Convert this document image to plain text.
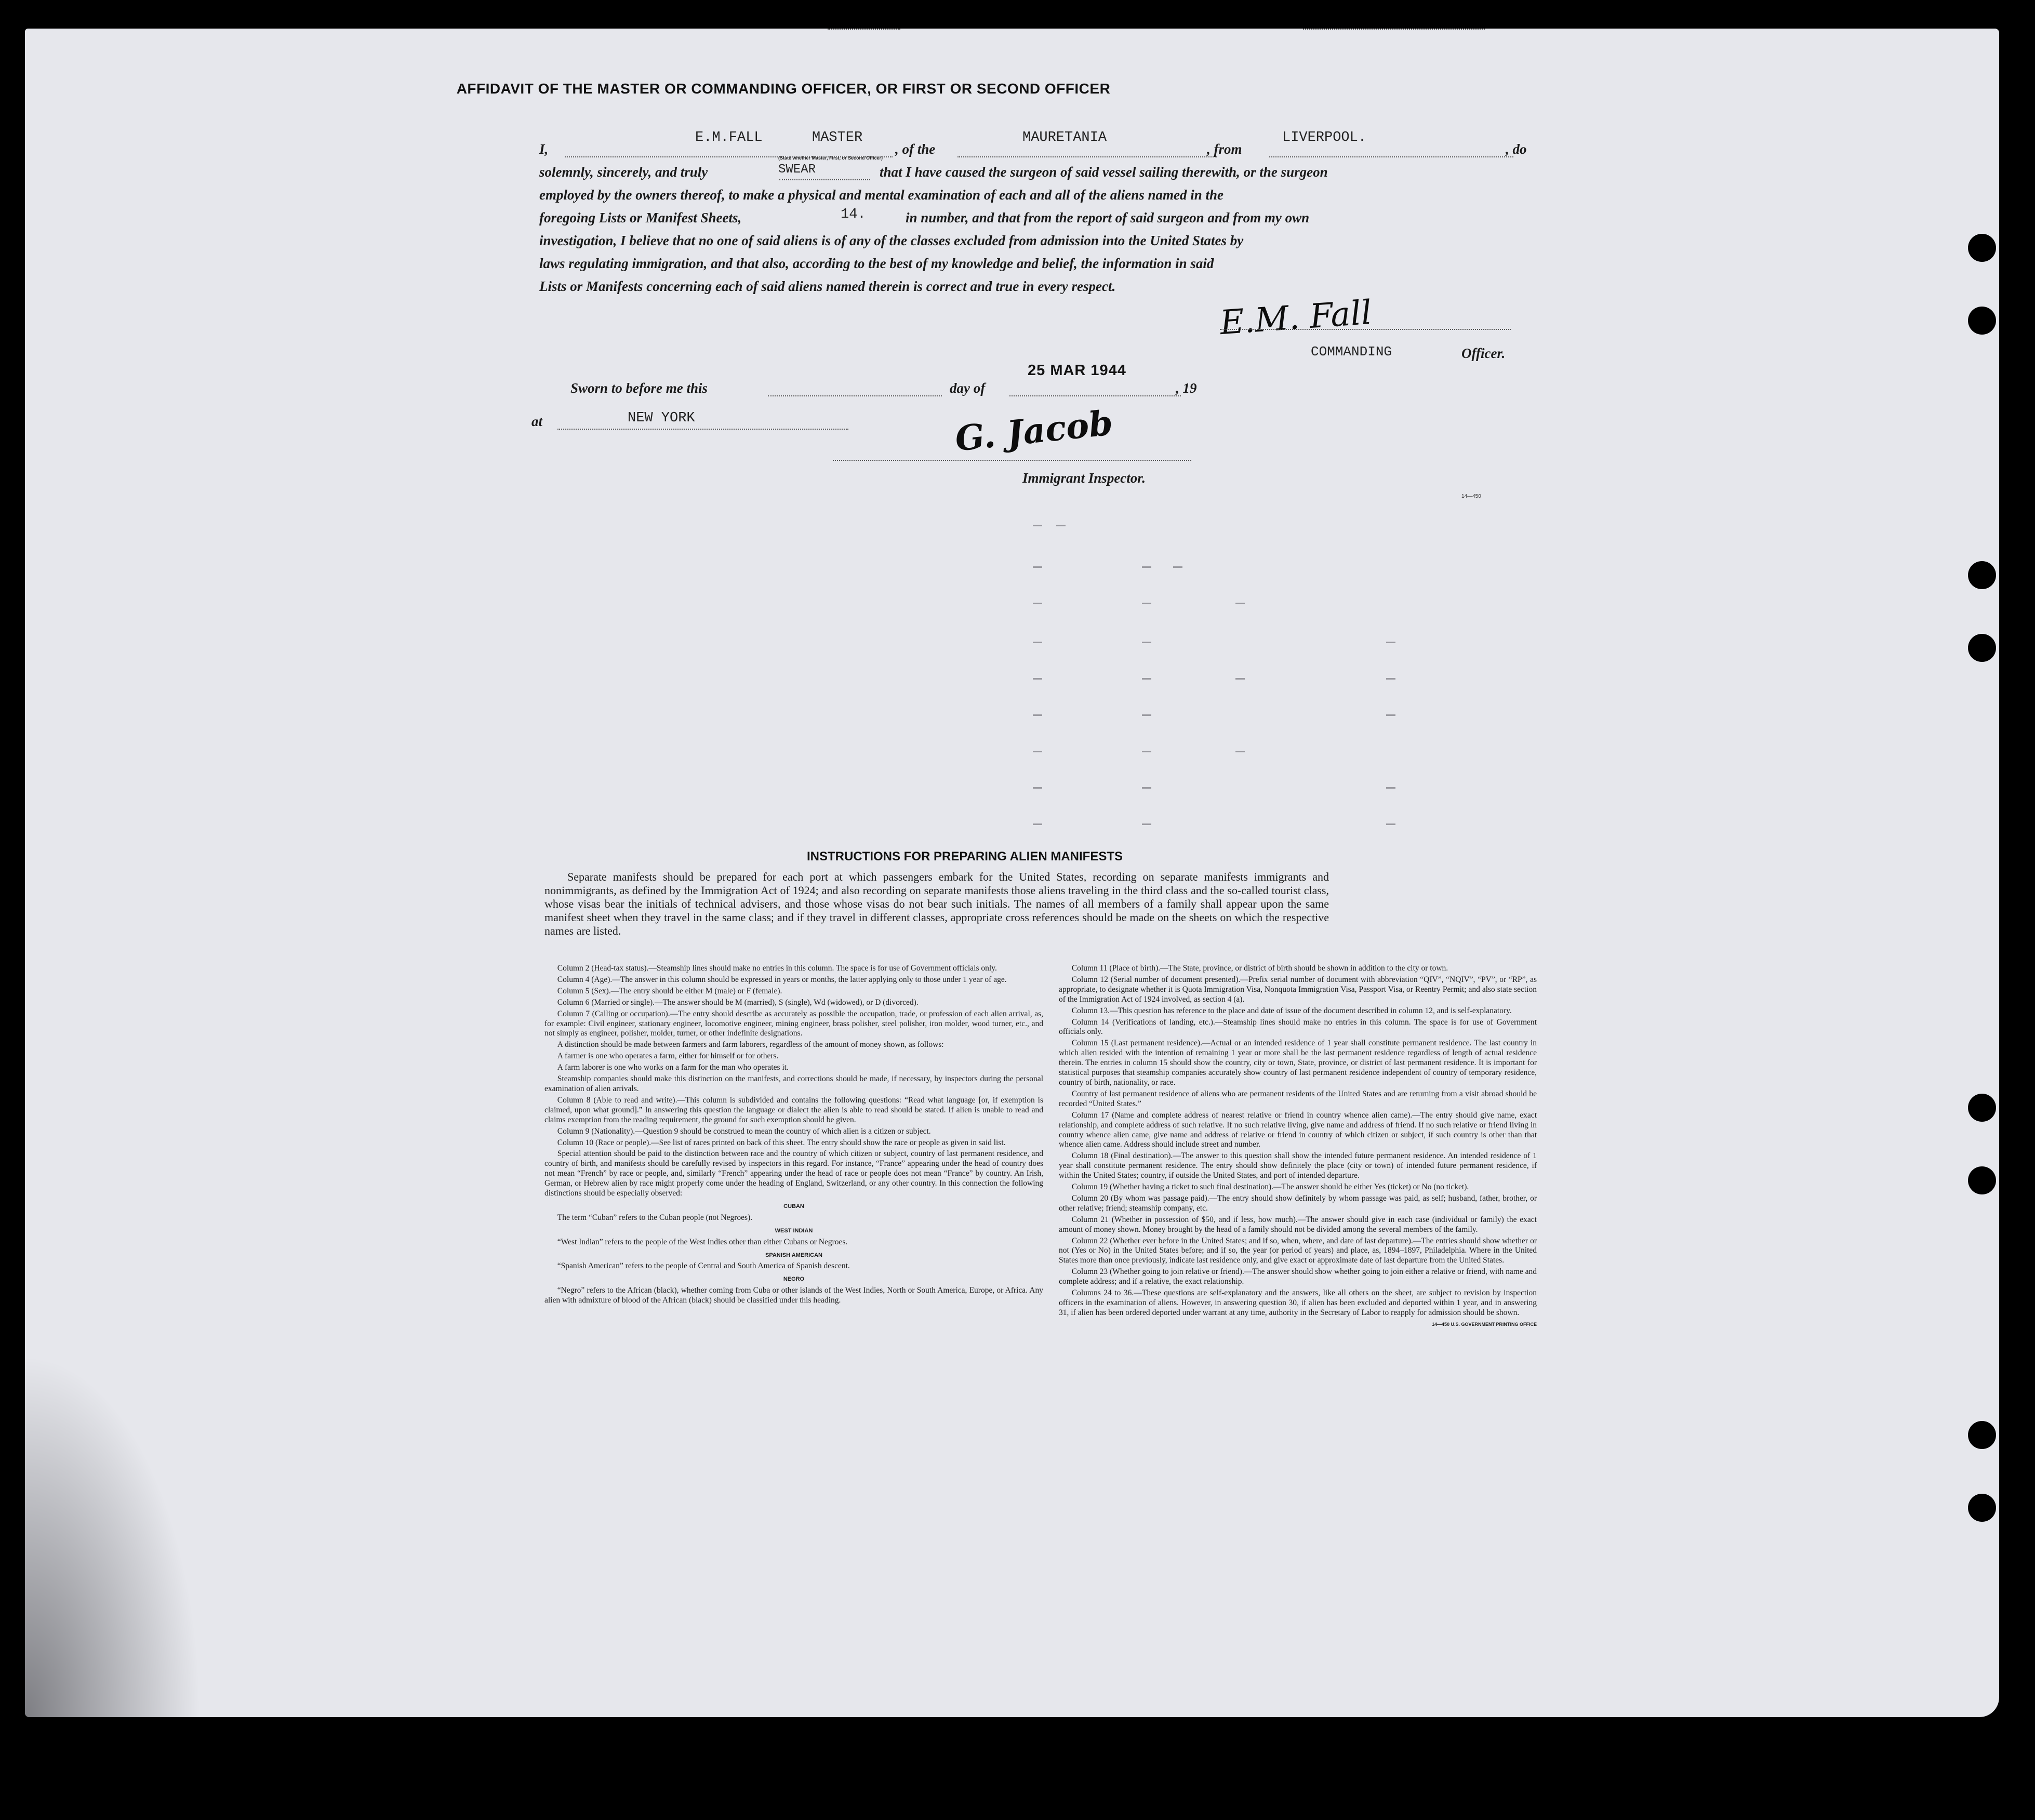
AFFIDAVIT OF THE MASTER OR COMMANDING OFFICER, OR FIRST OR SECOND OFFICER
I,
E.M.FALL	MASTER
(State whether Master, First, or Second Officer)
, of the
MAURETANIA
, from
LIVERPOOL.
, do
solemnly, sincerely, and truly	SWEAR	that I have caused the surgeon of said vessel sailing therewith, or the surgeon
employed by the owners thereof, to make a physical and mental examination of each and all of the aliens named in the
foregoing Lists or Manifest Sheets,	14.	in number, and that from the report of said surgeon and from my own
investigation, I believe that no one of said aliens is of any of the classes excluded from admission into the United States by
laws regulating immigration, and that also, according to the best of my knowledge and belief, the information in said
Lists or Manifests concerning each of said aliens named therein is correct and true in every respect.
E.M. Fall
COMMANDING	Officer.
Sworn to before me this	day of
25 MAR 1944
, 19
at	NEW YORK	G. Jacob
Immigrant Inspector.
14—450
INSTRUCTIONS FOR PREPARING ALIEN MANIFESTS
Separate manifests should be prepared for each port at which passengers embark for the United States, recording on separate manifests immigrants and nonimmigrants, as defined by the Immigration Act of 1924; and also recording on separate manifests those aliens traveling in the third class and the so-called tourist class, whose visas bear the initials of technical advisers, and those whose visas do not bear such initials. The names of all members of a family shall appear upon the same manifest sheet when they travel in the same class; and if they travel in different classes, appropriate cross references should be made on the sheets on which the respective names are listed.

Column 2 (Head-tax status).—Steamship lines should make no entries in this column. The space is for use of Government officials only.

Column 4 (Age).—The answer in this column should be expressed in years or months, the latter applying only to those under 1 year of age.

Column 5 (Sex).—The entry should be either M (male) or F (female).

Column 6 (Married or single).—The answer should be M (married), S (single), Wd (widowed), or D (divorced).

Column 7 (Calling or occupation).—The entry should describe as accurately as possible the occupation, trade, or profession of each alien arrival, as, for example: Civil engineer, stationary engineer, locomotive engineer, mining engineer, brass polisher, steel polisher, iron molder, wood turner, etc., and not simply as engineer, polisher, molder, turner, or other indefinite designations.

A distinction should be made between farmers and farm laborers, regardless of the amount of money shown, as follows:

A farmer is one who operates a farm, either for himself or for others.

A farm laborer is one who works on a farm for the man who operates it.

Steamship companies should make this distinction on the manifests, and corrections should be made, if necessary, by inspectors during the personal examination of alien arrivals.

Column 8 (Able to read and write).—This column is subdivided and contains the following questions: “Read what language [or, if exemption is claimed, upon what ground].” In answering this question the language or dialect the alien is able to read should be stated. If alien is unable to read and claims exemption from the reading requirement, the ground for such exemption should be given.

Column 9 (Nationality).—Question 9 should be construed to mean the country of which alien is a citizen or subject.

Column 10 (Race or people).—See list of races printed on back of this sheet. The entry should show the race or people as given in said list.

Special attention should be paid to the distinction between race and the country of which citizen or subject, country of last permanent residence, and country of birth, and manifests should be carefully revised by inspectors in this regard. For instance, “France” appearing under the head of country does not mean “French” by race or people, and, similarly “French” appearing under the head of race or people does not mean “France” by country. An Irish, German, or Hebrew alien by race might properly come under the heading of England, Switzerland, or any other country. In this connection the following distinctions should be especially observed:

CUBAN

The term “Cuban” refers to the Cuban people (not Negroes).

WEST INDIAN

“West Indian” refers to the people of the West Indies other than either Cubans or Negroes.

SPANISH AMERICAN

“Spanish American” refers to the people of Central and South America of Spanish descent.

NEGRO

“Negro” refers to the African (black), whether coming from Cuba or other islands of the West Indies, North or South America, Europe, or Africa. Any alien with admixture of blood of the African (black) should be classified under this heading.

Column 11 (Place of birth).—The State, province, or district of birth should be shown in addition to the city or town.

Column 12 (Serial number of document presented).—Prefix serial number of document with abbreviation “QIV”, “NQIV”, “PV”, or “RP”, as appropriate, to designate whether it is Quota Immigration Visa, Nonquota Immigration Visa, Passport Visa, or Reentry Permit; and also state section of the Immigration Act of 1924 involved, as section 4 (a).

Column 13.—This question has reference to the place and date of issue of the document described in column 12, and is self-explanatory.

Column 14 (Verifications of landing, etc.).—Steamship lines should make no entries in this column. The space is for use of Government officials only.

Column 15 (Last permanent residence).—Actual or an intended residence of 1 year shall constitute permanent residence. The last country in which alien resided with the intention of remaining 1 year or more shall be the last permanent residence regardless of length of actual residence therein. The entries in column 15 should show the country, city or town, State, province, or district of last permanent residence. It is important for statistical purposes that steamship companies accurately show country of last permanent residence independent of country of temporary residence, country of birth, nationality, or race.

Country of last permanent residence of aliens who are permanent residents of the United States and are returning from a visit abroad should be recorded “United States.”

Column 17 (Name and complete address of nearest relative or friend in country whence alien came).—The entry should give name, exact relationship, and complete address of such relative. If no such relative living, give name and address of friend. If no such relative or friend living in country whence alien came, give name and address of relative or friend in country of which citizen or subject, if such country is other than that whence alien came. Address should include street and number.

Column 18 (Final destination).—The answer to this question shall show the intended future permanent residence. An intended residence of 1 year shall constitute permanent residence. The entry should show definitely the place (city or town) of intended future permanent residence, if within the United States; country, if outside the United States, and port of intended departure.

Column 19 (Whether having a ticket to such final destination).—The answer should be either Yes (ticket) or No (no ticket).

Column 20 (By whom was passage paid).—The entry should show definitely by whom passage was paid, as self; husband, father, brother, or other relative; friend; steamship company, etc.

Column 21 (Whether in possession of $50, and if less, how much).—The answer should give in each case (individual or family) the exact amount of money shown. Money brought by the head of a family should not be divided among the several members of the family.

Column 22 (Whether ever before in the United States; and if so, when, where, and date of last departure).—The entries should show whether or not (Yes or No) in the United States before; and if so, the year (or period of years) and place, as, 1894–1897, Philadelphia. Where in the United States more than once previously, indicate last residence only, and give exact or approximate date of last departure from the United States.

Column 23 (Whether going to join relative or friend).—The answer should show whether going to join either a relative or friend, with name and complete address; and if a relative, the exact relationship.

Columns 24 to 36.—These questions are self-explanatory and the answers, like all others on the sheet, are subject to revision by inspection officers in the examination of aliens. However, in answering question 30, if alien has been excluded and deported within 1 year, and in answering 31, if alien has been ordered deported under warrant at any time, authority in the Secretary of Labor to reapply for admission should be shown.

14—450 U.S. GOVERNMENT PRINTING OFFICE
